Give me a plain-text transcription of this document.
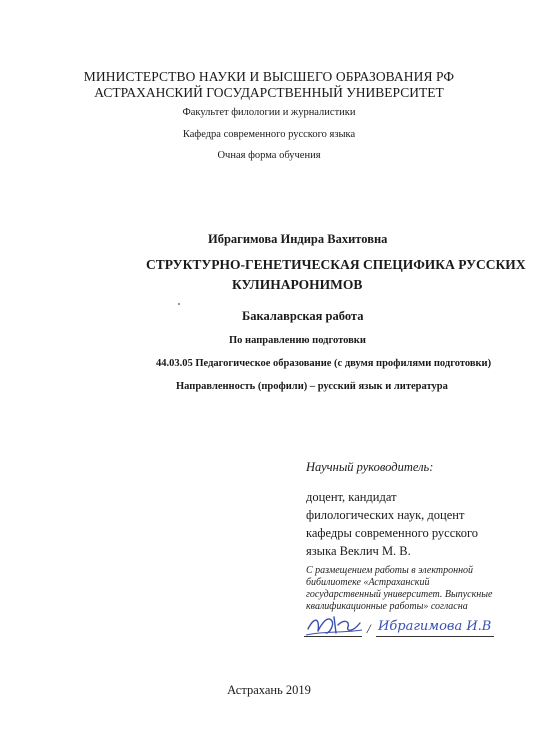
МИНИСТЕРСТВО НАУКИ И ВЫСШЕГО ОБРАЗОВАНИЯ РФ
АСТРАХАНСКИЙ ГОСУДАРСТВЕННЫЙ УНИВЕРСИТЕТ
Факультет филологии и журналистики
Кафедра современного русского языка
Очная форма обучения
Ибрагимова Индира Вахитовна
СТРУКТУРНО-ГЕНЕТИЧЕСКАЯ СПЕЦИФИКА РУССКИХ
КУЛИНАРОНИМОВ
Бакалаврская работа
По направлению подготовки
44.03.05 Педагогическое образование (с двумя профилями подготовки)
Направленность (профили) – русский язык и литература
Научный руководитель:
доцент, кандидат
филологических наук, доцент
кафедры современного русского
языка Веклич М. В.
С размещением работы в электронной
бибилиотеке «Астраханский
государственный университет. Выпускные
квалификационные работы» согласна
/ Ибрагимова И.В
Астрахань 2019
